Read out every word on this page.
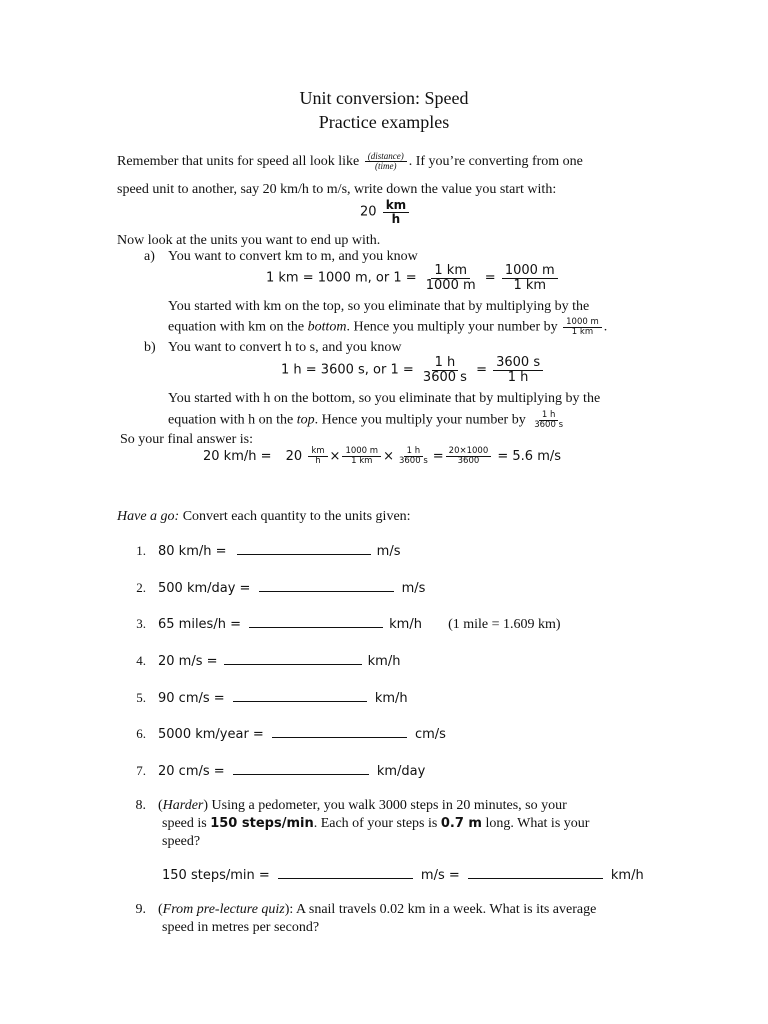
Unit conversion: Speed
Practice examples
Remember that units for speed all look like $\frac{\text{(distance)}}{\text{(time)}}$ . If you’re converting from one
speed unit to another, say 20 km/h to m/s, write down the value you start with:
$20 \frac{km}{h}$
Now look at the units you want to end up with.
a) You want to convert km to m, and you know
1 km = 1000 m, or $1 = \frac{1 km}{1000 m} = \frac{1000 m}{1 km}$
You started with km on the top, so you eliminate that by multiplying by the
equation with km on the bottom. Hence you multiply your number by $\frac{1000 m}{1 km}$ .
b) You want to convert h to s, and you know
1 h = 3600 s, or $1 = \frac{1 h}{3600 s} = \frac{3600 s}{1 h}$
You started with h on the bottom, so you eliminate that by multiplying by the
equation with h on the top. Hence you multiply your number by $\frac{1 h}{3600 s}$
So your final answer is:
20 $km/h = 20 \frac{km}{h} \times \frac{1000 m}{1 km} \times \frac{1 h}{3600 s} = \frac{20\times 1000}{3600} = 5.6$ m/s
Have a go: Convert each quantity to the units given:
1. 80 km/h =	m/s
2. 500 km/day =	m/s
3. 65 miles/h =	km/h (1 mile = 1.609 km)
4. 20 m/s =	km/h
5. 90 cm/s =	km/h
6. 5000 km/year =	cm/s
7. 20 cm/s =	km/day
8. (Harder) Using a pedometer, you walk 3000 steps in 20 minutes, so your
speed is 150 steps/min. Each of your steps is 0.7 m long. What is your
speed?
150 steps/min =	m/s =	km/h
9. (From pre-lecture quiz): A snail travels 0.02 km in a week. What is its average
speed in metres per second?
